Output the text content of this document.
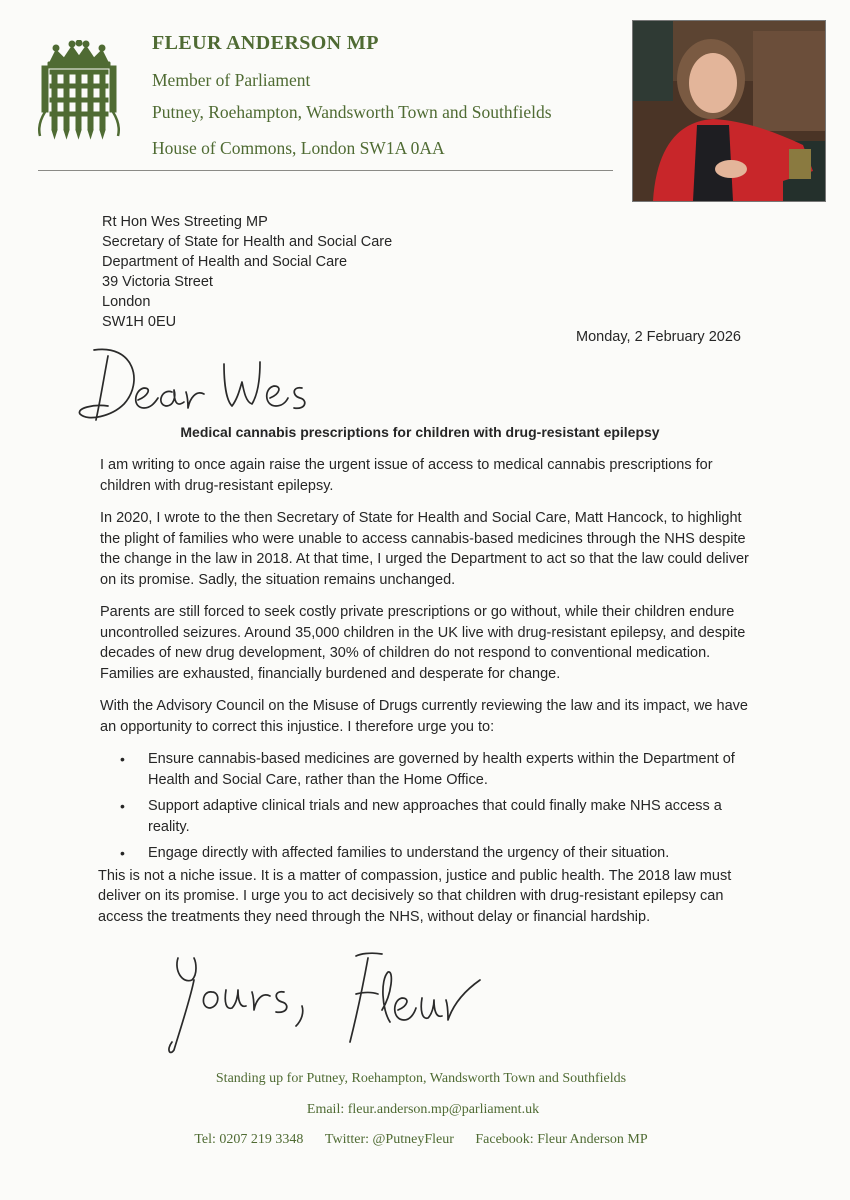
FLEUR ANDERSON MP
Member of Parliament
Putney, Roehampton, Wandsworth Town and Southfields
House of Commons, London SW1A 0AA
Rt Hon Wes Streeting MP
Secretary of State for Health and Social Care
Department of Health and Social Care
39 Victoria Street
London
SW1H 0EU
Monday, 2 February 2026
Medical cannabis prescriptions for children with drug-resistant epilepsy

I am writing to once again raise the urgent issue of access to medical cannabis prescriptions for children with drug-resistant epilepsy.

In 2020, I wrote to the then Secretary of State for Health and Social Care, Matt Hancock, to highlight the plight of families who were unable to access cannabis-based medicines through the NHS despite the change in the law in 2018. At that time, I urged the Department to act so that the law could deliver on its promise. Sadly, the situation remains unchanged.

Parents are still forced to seek costly private prescriptions or go without, while their children endure uncontrolled seizures. Around 35,000 children in the UK live with drug-resistant epilepsy, and despite decades of new drug development, 30% of children do not respond to conventional medication. Families are exhausted, financially burdened and desperate for change.

With the Advisory Council on the Misuse of Drugs currently reviewing the law and its impact, we have an opportunity to correct this injustice. I therefore urge you to:

• Ensure cannabis-based medicines are governed by health experts within the Department of Health and Social Care, rather than the Home Office.
• Support adaptive clinical trials and new approaches that could finally make NHS access a reality.
• Engage directly with affected families to understand the urgency of their situation.

This is not a niche issue. It is a matter of compassion, justice and public health. The 2018 law must deliver on its promise. I urge you to act decisively so that children with drug-resistant epilepsy can access the treatments they need through the NHS, without delay or financial hardship.

Standing up for Putney, Roehampton, Wandsworth Town and Southfields
Email: fleur.anderson.mp@parliament.uk
Tel: 0207 219 3348 Twitter: @PutneyFleur Facebook: Fleur Anderson MP
